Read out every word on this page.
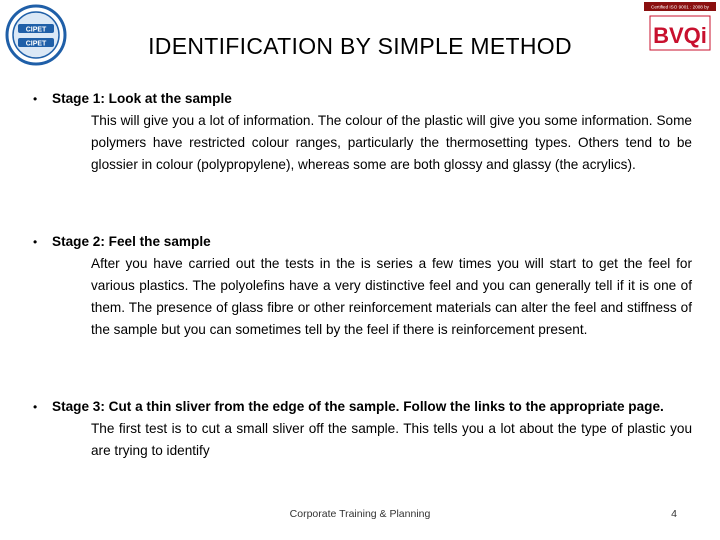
CIPET
CIPET
Certified ISO 9001 : 2008 by
BVQi
IDENTIFICATION BY SIMPLE METHOD
• Stage 1: Look at the sample
This will give you a lot of information. The colour of the plastic will give you some information. Some polymers have restricted colour ranges, particularly the thermosetting types. Others tend to be glossier in colour (polypropylene), whereas some are both glossy and glassy (the acrylics).
• Stage 2: Feel the sample
After you have carried out the tests in the is series a few times you will start to get the feel for various plastics. The polyolefins have a very distinctive feel and you can generally tell if it is one of them. The presence of glass fibre or other reinforcement materials can alter the feel and stiffness of the sample but you can sometimes tell by the feel if there is reinforcement present.
• Stage 3: Cut a thin sliver from the edge of the sample. Follow the links to the appropriate page.
The first test is to cut a small sliver off the sample. This tells you a lot about the type of plastic you are trying to identify
Corporate Training & Planning	4
